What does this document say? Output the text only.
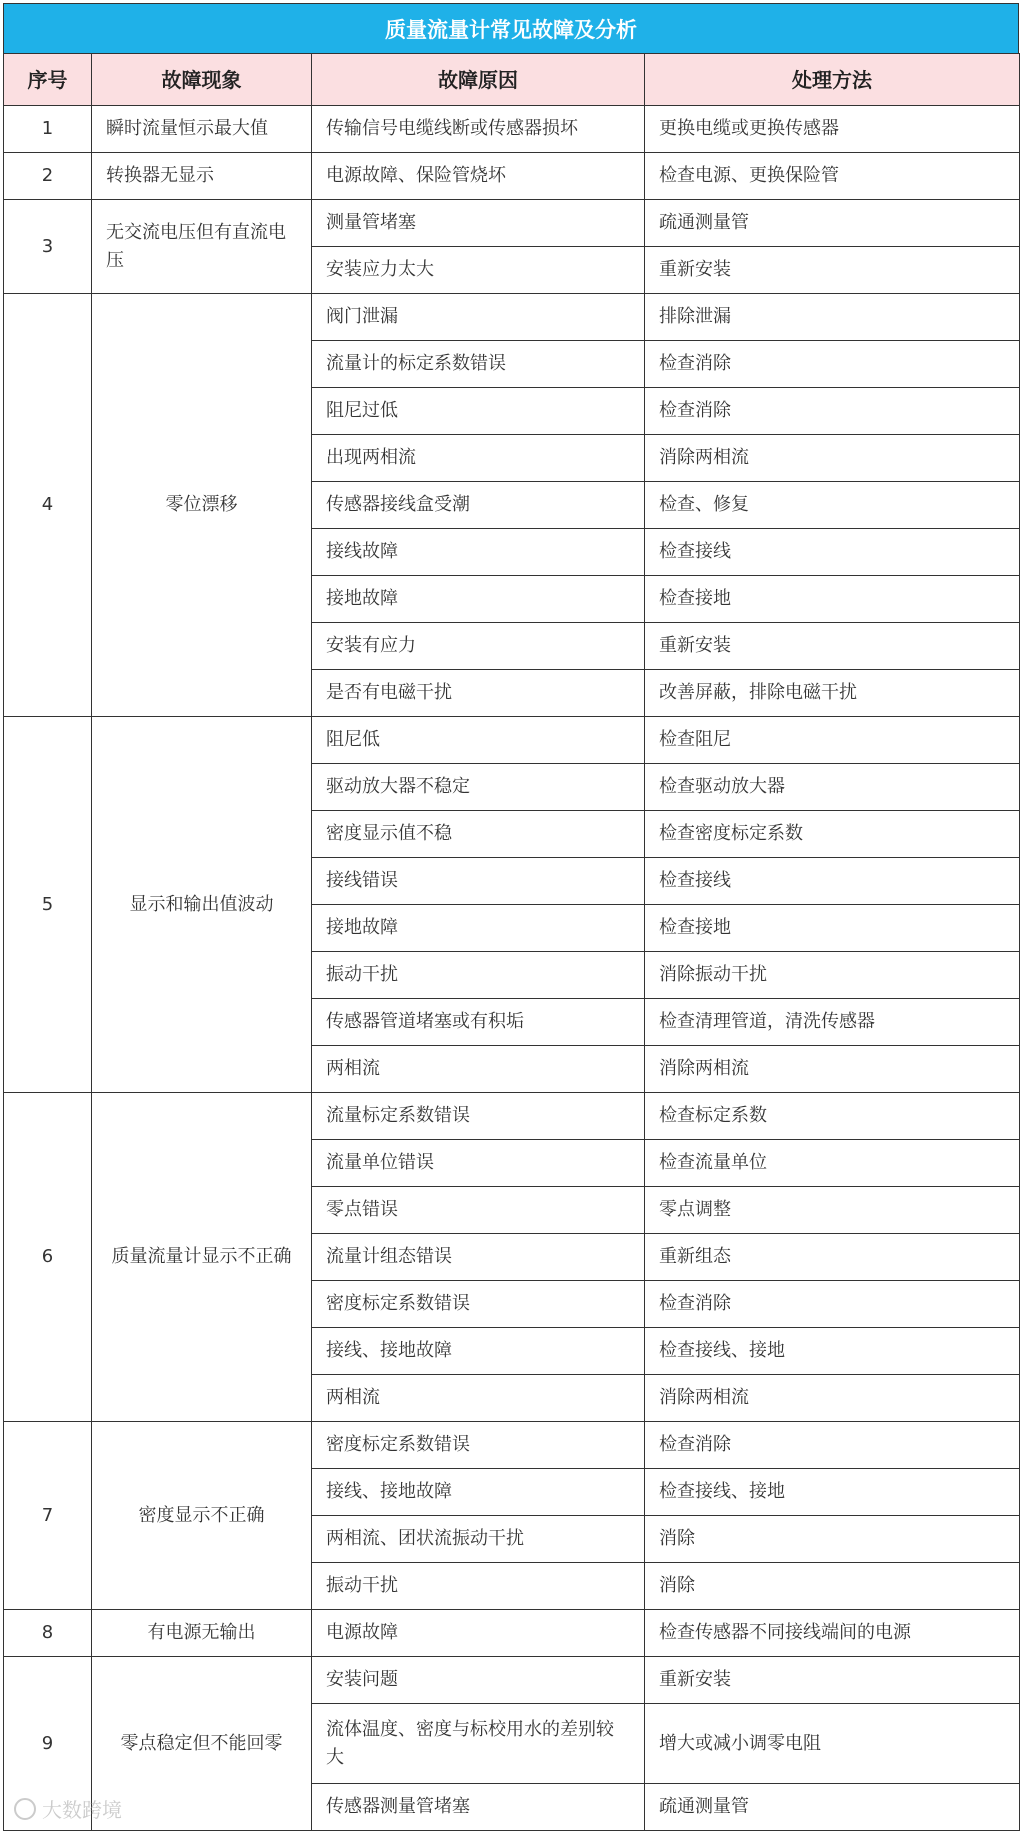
质量流量计常见故障及分析
序号	故障现象	故障原因	处理方法
1	瞬时流量恒示最大值	传输信号电缆线断或传感器损坏	更换电缆或更换传感器
2	转换器无显示	电源故障、保险管烧坏	检查电源、更换保险管
3	无交流电压但有直流电压	测量管堵塞	疏通测量管
		安装应力太大	重新安装
4	零位漂移	阀门泄漏	排除泄漏
		流量计的标定系数错误	检查消除
		阻尼过低	检查消除
		出现两相流	消除两相流
		传感器接线盒受潮	检查、修复
		接线故障	检查接线
		接地故障	检查接地
		安装有应力	重新安装
		是否有电磁干扰	改善屏蔽，排除电磁干扰
5	显示和输出值波动	阻尼低	检查阻尼
		驱动放大器不稳定	检查驱动放大器
		密度显示值不稳	检查密度标定系数
		接线错误	检查接线
		接地故障	检查接地
		振动干扰	消除振动干扰
		传感器管道堵塞或有积垢	检查清理管道，清洗传感器
		两相流	消除两相流
6	质量流量计显示不正确	流量标定系数错误	检查标定系数
		流量单位错误	检查流量单位
		零点错误	零点调整
		流量计组态错误	重新组态
		密度标定系数错误	检查消除
		接线、接地故障	检查接线、接地
		两相流	消除两相流
7	密度显示不正确	密度标定系数错误	检查消除
		接线、接地故障	检查接线、接地
		两相流、团状流振动干扰	消除
		振动干扰	消除
8	有电源无输出	电源故障	检查传感器不同接线端间的电源
9	零点稳定但不能回零	安装问题	重新安装
		流体温度、密度与标校用水的差别较大	增大或减小调零电阻
		传感器测量管堵塞	疏通测量管
大数跨境
